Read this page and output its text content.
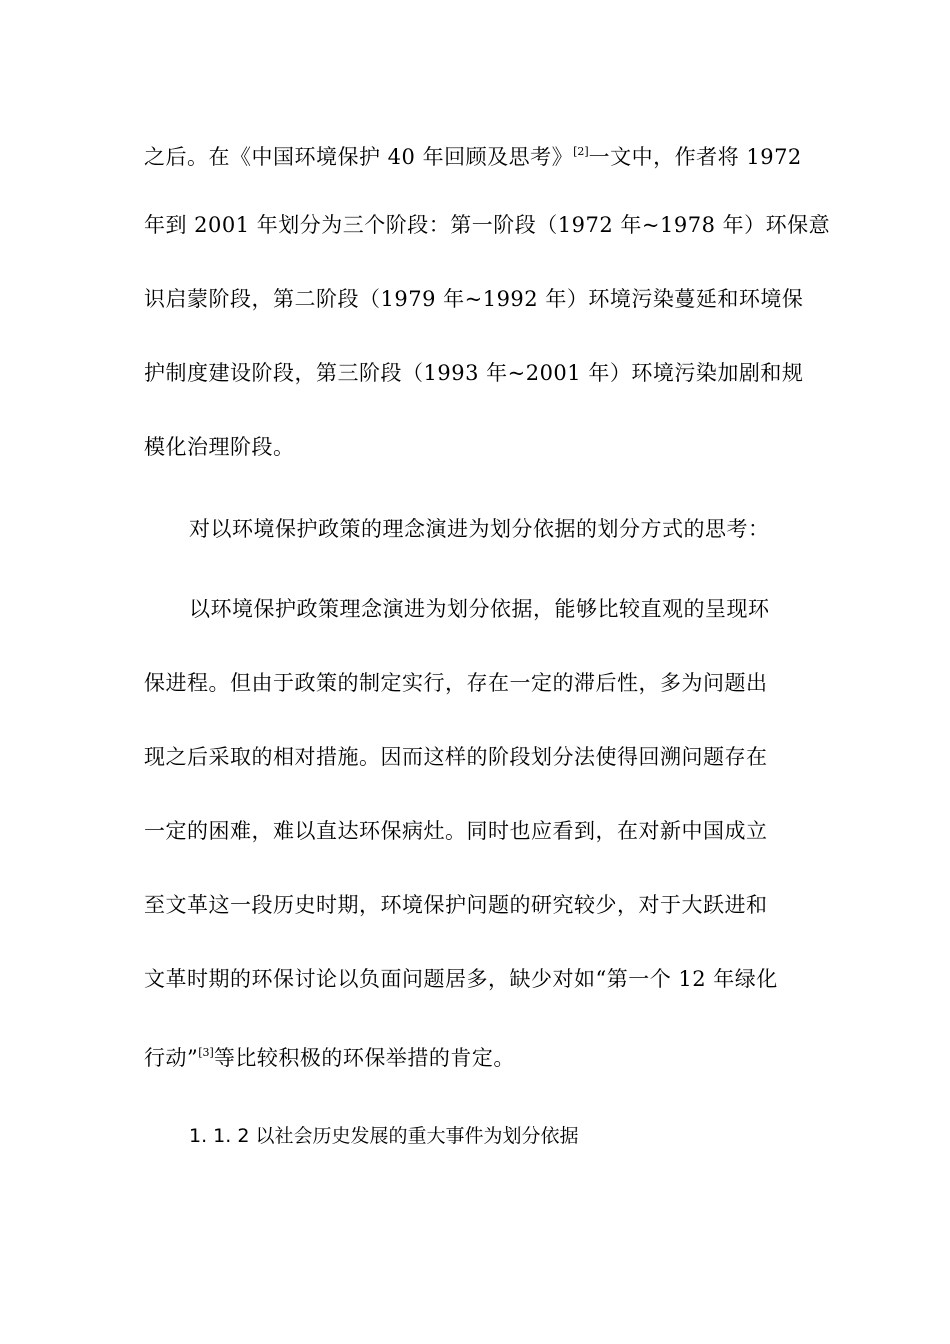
之后。在《中国环境保护 40 年回顾及思考》[2]一文中，作者将 1972
年到 2001 年划分为三个阶段：第一阶段（1972 年~1978 年）环保意
识启蒙阶段，第二阶段（1979 年~1992 年）环境污染蔓延和环境保
护制度建设阶段，第三阶段（1993 年~2001 年）环境污染加剧和规
模化治理阶段。
对以环境保护政策的理念演进为划分依据的划分方式的思考：
以环境保护政策理念演进为划分依据，能够比较直观的呈现环
保进程。但由于政策的制定实行，存在一定的滞后性，多为问题出
现之后采取的相对措施。因而这样的阶段划分法使得回溯问题存在
一定的困难，难以直达环保病灶。同时也应看到，在对新中国成立
至文革这一段历史时期，环境保护问题的研究较少，对于大跃进和
文革时期的环保讨论以负面问题居多，缺少对如“第一个 12 年绿化
行动”[3]等比较积极的环保举措的肯定。
1. 1. 2 以社会历史发展的重大事件为划分依据
